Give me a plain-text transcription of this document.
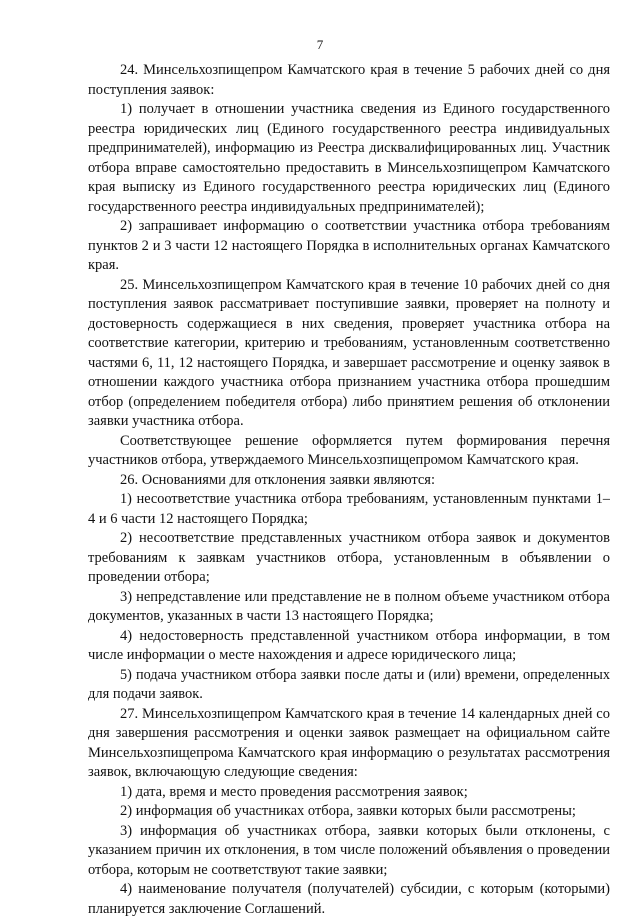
7
24. Минсельхозпищепром Камчатского края в течение 5 рабочих дней со дня
поступления заявок:
1) получает в отношении участника сведения из Единого государственного
реестра юридических лиц (Единого государственного реестра индивидуальных
предпринимателей), информацию из Реестра дисквалифицированных лиц. Участник
отбора вправе самостоятельно предоставить в Минсельхозпищепром Камчатского
края выписку из Единого государственного реестра юридических лиц (Единого
государственного реестра индивидуальных предпринимателей);
2) запрашивает информацию о соответствии участника отбора требованиям
пунктов 2 и 3 части 12 настоящего Порядка в исполнительных органах Камчатского
края.
25. Минсельхозпищепром Камчатского края в течение 10 рабочих дней со дня
поступления заявок рассматривает поступившие заявки, проверяет на полноту и
достоверность содержащиеся в них сведения, проверяет участника отбора на
соответствие категории, критерию и требованиям, установленным соответственно
частями 6, 11, 12 настоящего Порядка, и завершает рассмотрение и оценку заявок в
отношении каждого участника отбора признанием участника отбора прошедшим
отбор (определением победителя отбора) либо принятием решения об отклонении
заявки участника отбора.
Соответствующее решение оформляется путем формирования перечня
участников отбора, утверждаемого Минсельхозпищепромом Камчатского края.
26. Основаниями для отклонения заявки являются:
1) несоответствие участника отбора требованиям, установленным пунктами 1–
4 и 6 части 12 настоящего Порядка;
2) несоответствие представленных участником отбора заявок и документов
требованиям к заявкам участников отбора, установленным в объявлении о
проведении отбора;
3) непредставление или представление не в полном объеме участником отбора
документов, указанных в части 13 настоящего Порядка;
4) недостоверность представленной участником отбора информации, в том
числе информации о месте нахождения и адресе юридического лица;
5) подача участником отбора заявки после даты и (или) времени, определенных
для подачи заявок.
27. Минсельхозпищепром Камчатского края в течение 14 календарных дней со
дня завершения рассмотрения и оценки заявок размещает на официальном сайте
Минсельхозпищепрома Камчатского края информацию о результатах рассмотрения
заявок, включающую следующие сведения:
1) дата, время и место проведения рассмотрения заявок;
2) информация об участниках отбора, заявки которых были рассмотрены;
3) информация об участниках отбора, заявки которых были отклонены, с
указанием причин их отклонения, в том числе положений объявления о проведении
отбора, которым не соответствуют такие заявки;
4) наименование получателя (получателей) субсидии, с которым (которыми)
планируется заключение Соглашений.
